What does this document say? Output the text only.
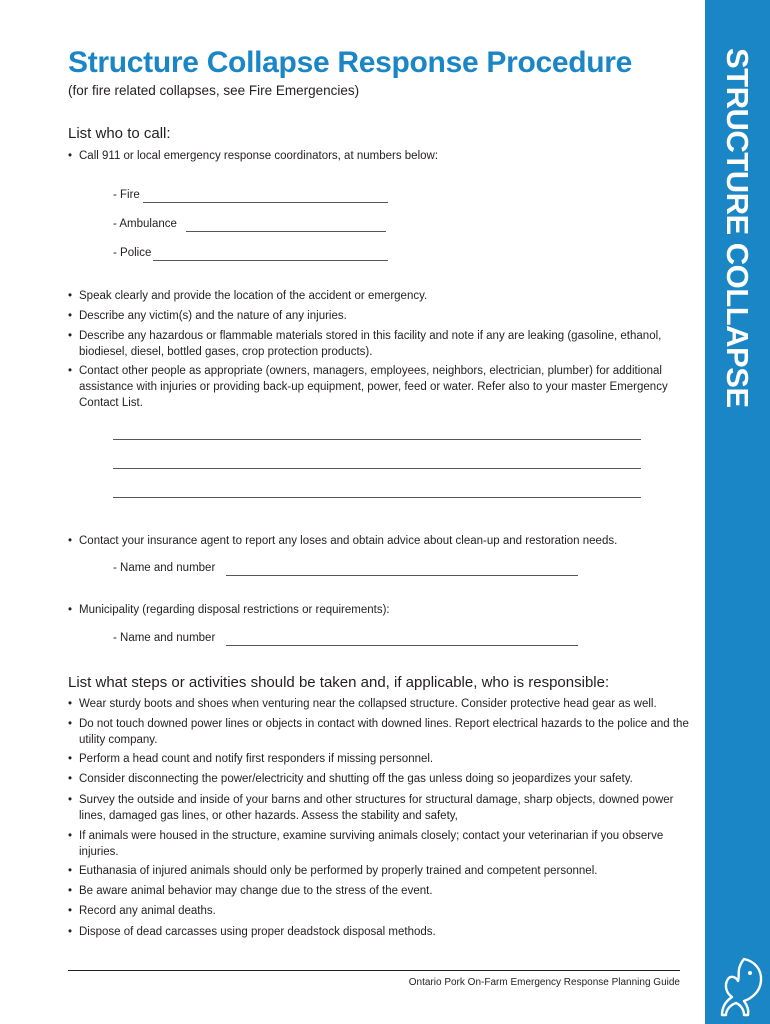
STRUCTURE COLLAPSE
Structure Collapse Response Procedure
(for fire related collapses, see Fire Emergencies)
List who to call:
• Call 911 or local emergency response coordinators, at numbers below:
- Fire
- Ambulance
- Police
• Speak clearly and provide the location of the accident or emergency.
• Describe any victim(s) and the nature of any injuries.
• Describe any hazardous or flammable materials stored in this facility and note if any are leaking (gasoline, ethanol, biodiesel, diesel, bottled gases, crop protection products).
• Contact other people as appropriate (owners, managers, employees, neighbors, electrician, plumber) for additional assistance with injuries or providing back-up equipment, power, feed or water. Refer also to your master Emergency Contact List.
• Contact your insurance agent to report any loses and obtain advice about clean-up and restoration needs.
- Name and number
• Municipality (regarding disposal restrictions or requirements):
- Name and number
List what steps or activities should be taken and, if applicable, who is responsible:
• Wear sturdy boots and shoes when venturing near the collapsed structure. Consider protective head gear as well.
• Do not touch downed power lines or objects in contact with downed lines. Report electrical hazards to the police and the utility company.
• Perform a head count and notify first responders if missing personnel.
• Consider disconnecting the power/electricity and shutting off the gas unless doing so jeopardizes your safety.
• Survey the outside and inside of your barns and other structures for structural damage, sharp objects, downed power lines, damaged gas lines, or other hazards. Assess the stability and safety,
• If animals were housed in the structure, examine surviving animals closely; contact your veterinarian if you observe injuries.
• Euthanasia of injured animals should only be performed by properly trained and competent personnel.
• Be aware animal behavior may change due to the stress of the event.
• Record any animal deaths.
• Dispose of dead carcasses using proper deadstock disposal methods.
Ontario Pork On-Farm Emergency Response Planning Guide 87
